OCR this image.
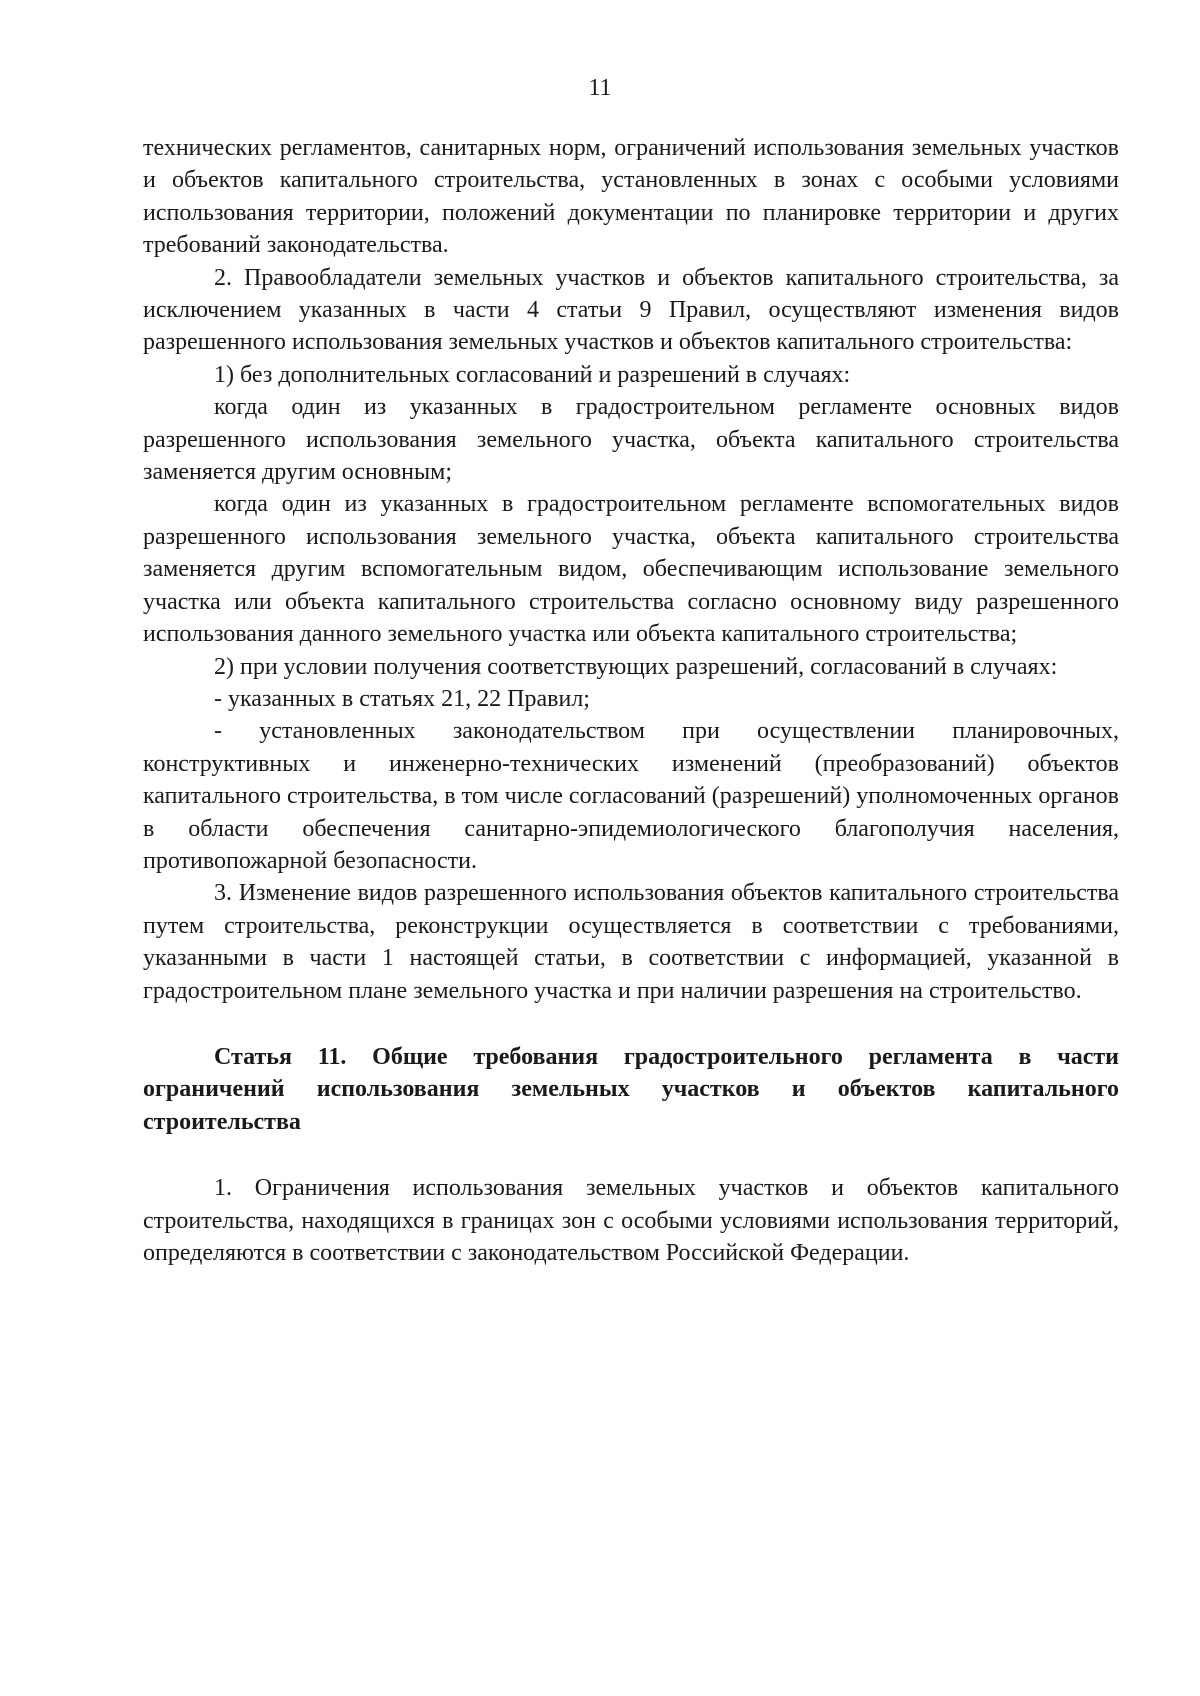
11

технических регламентов, санитарных норм, ограничений использования земельных участков и объектов капитального строительства, установленных в зонах с особыми условиями использования территории, положений документации по планировке территории и других требований законодательства.

2. Правообладатели земельных участков и объектов капитального строительства, за исключением указанных в части 4 статьи 9 Правил, осуществляют изменения видов разрешенного использования земельных участков и объектов капитального строительства:

1) без дополнительных согласований и разрешений в случаях:

когда один из указанных в градостроительном регламенте основных видов разрешенного использования земельного участка, объекта капитального строительства заменяется другим основным;

когда один из указанных в градостроительном регламенте вспомогательных видов разрешенного использования земельного участка, объекта капитального строительства заменяется другим вспомогательным видом, обеспечивающим использование земельного участка или объекта капитального строительства согласно основному виду разрешенного использования данного земельного участка или объекта капитального строительства;

2) при условии получения соответствующих разрешений, согласований в случаях:

- указанных в статьях 21, 22 Правил;

- установленных законодательством при осуществлении планировочных, конструктивных и инженерно-технических изменений (преобразований) объектов капитального строительства, в том числе согласований (разрешений) уполномоченных органов в области обеспечения санитарно-эпидемиологического благополучия населения, противопожарной безопасности.

3. Изменение видов разрешенного использования объектов капитального строительства путем строительства, реконструкции осуществляется в соответствии с требованиями, указанными в части 1 настоящей статьи, в соответствии с информацией, указанной в градостроительном плане земельного участка и при наличии разрешения на строительство.

Статья 11. Общие требования градостроительного регламента в части ограничений использования земельных участков и объектов капитального строительства

1. Ограничения использования земельных участков и объектов капитального строительства, находящихся в границах зон с особыми условиями использования территорий, определяются в соответствии с законодательством Российской Федерации.
